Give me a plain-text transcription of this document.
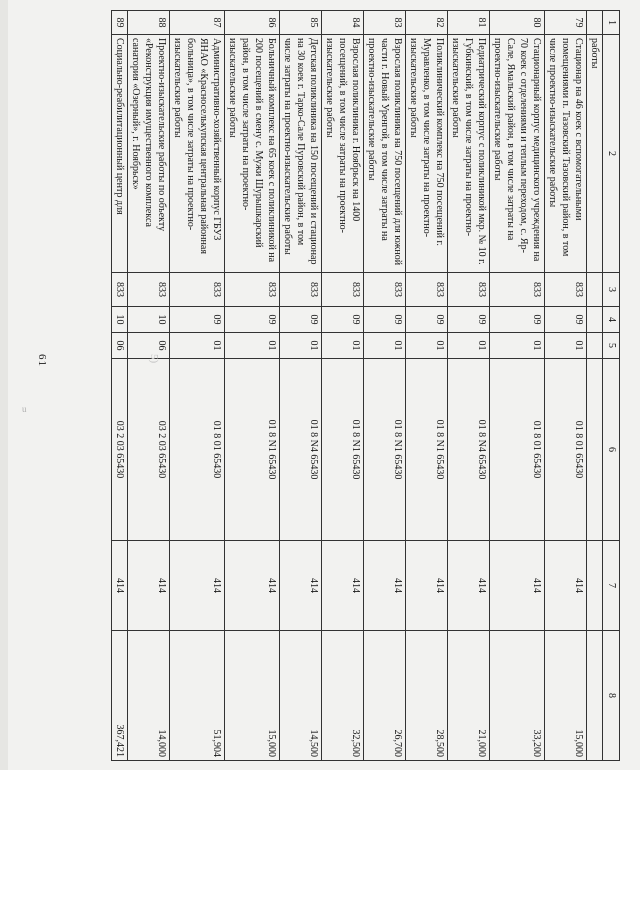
u
1	2	3	4	5	6	7	8
	работы						
79	Стационар на 46 коек с вспомогательными помещениями п. Тазовский Тазовский район, в том числе проектно-изыскательские работы	833	09	01	01 8 01 65430	414	15,000
80	Стационарный корпус медицинского учреждения на 70 коек с отделениями и теплым переходом, с. Яр-Сале, Ямальский район, в том числе затраты на проектно-изыскательские работы	833	09	01	01 8 01 65430	414	33,200
81	Педиатрический корпус с поликлиникой мкр. № 10 г. Губкинский, в том числе затраты на проектно-изыскательские работы	833	09	01	01 8 N4 65430	414	21,000
82	Поликлинический комплекс на 750 посещений г. Муравленко, в том числе затраты на проектно-изыскательские работы	833	09	01	01 8 N1 65430	414	28,500
83	Взрослая поликлиника на 750 посещений для южной части г. Новый Уренгой, в том числе затраты на проектно-изыскательские работы	833	09	01	01 8 N1 65430	414	26,700
84	Взрослая поликлиника г. Ноябрьск на 1400 посещений, в том числе затраты на проектно-изыскательские работы	833	09	01	01 8 N1 65430	414	32,500
85	Детская поликлиника на 150 посещений и стационар на 30 коек г. Тарко-Сале Пуровский район, в том числе затраты на проектно-изыскательские работы	833	09	01	01 8 N4 65430	414	14,500
86	Больничный комплекс на 65 коек с поликлиникой на 200 посещений в смену с. Мужи Шурышкарский район, в том числе затраты на проектно-изыскательские работы	833	09	01	01 8 N1 65430	414	15,000
87	Административно-хозяйственный корпус ГБУЗ ЯНАО «Красноселькупская центральная районная больница», в том числе затраты на проектно-изыскательские работы	833	09	01	01 8 01 65430	414	51,904
88	Проектно-изыскательские работы по объекту «Реконструкция имущественного комплекса санатория «Озерный», г. Ноябрьск»	833	10	06	03 2 03 65430	414	14,000
89	Социально-реабилитационный центр для	833	10	06	03 2 03 65430	414	367,421
5)
61
